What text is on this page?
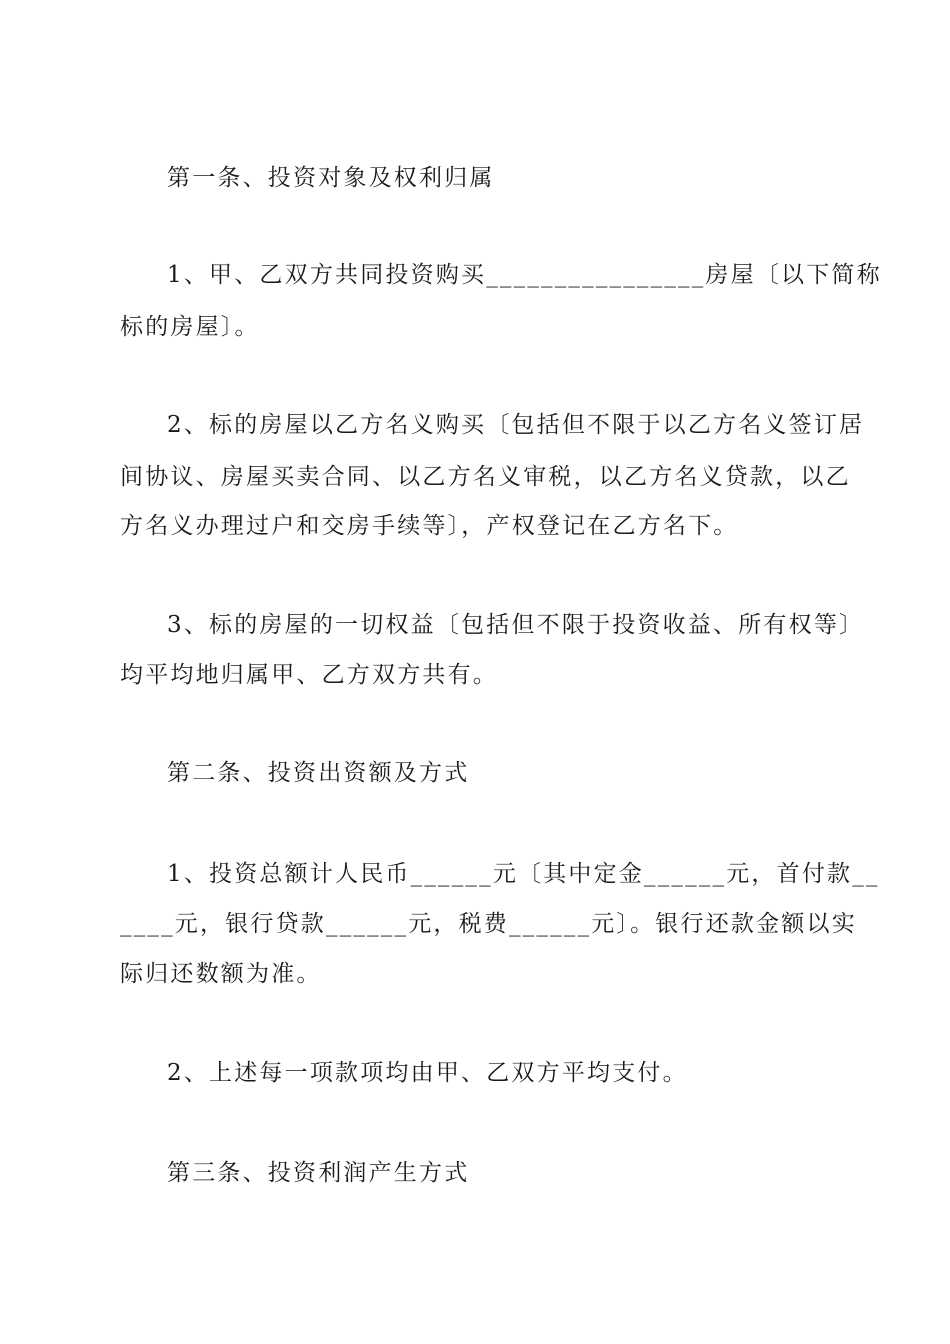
第一条、投资对象及权利归属
1、甲、乙双方共同投资购买________________房屋〔以下简称
标的房屋〕。
2、标的房屋以乙方名义购买〔包括但不限于以乙方名义签订居
间协议、房屋买卖合同、以乙方名义审税，以乙方名义贷款，以乙
方名义办理过户和交房手续等〕，产权登记在乙方名下。
3、标的房屋的一切权益〔包括但不限于投资收益、所有权等〕
均平均地归属甲、乙方双方共有。
第二条、投资出资额及方式
1、投资总额计人民币______元〔其中定金______元，首付款__
____元，银行贷款______元，税费______元〕。银行还款金额以实
际归还数额为准。
2、上述每一项款项均由甲、乙双方平均支付。
第三条、投资利润产生方式
